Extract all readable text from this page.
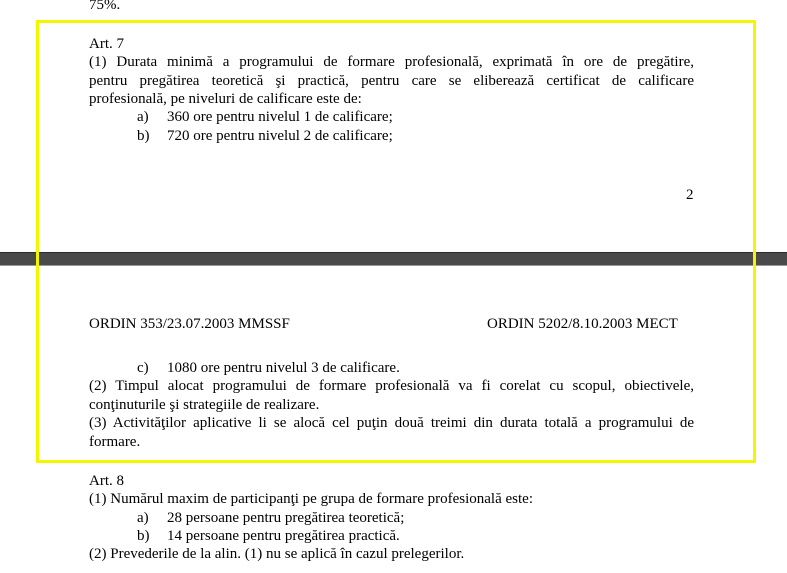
75%.
Art. 7
(1) Durata minimă a programului de formare profesională, exprimată în ore de pregătire,
pentru pregătirea teoretică şi practică, pentru care se eliberează certificat de calificare
profesională, pe niveluri de calificare este de:
a) 360 ore pentru nivelul 1 de calificare;
b) 720 ore pentru nivelul 2 de calificare;
2
ORDIN 353/23.07.2003 MMSSF	ORDIN 5202/8.10.2003 MECT
c) 1080 ore pentru nivelul 3 de calificare.
(2) Timpul alocat programului de formare profesională va fi corelat cu scopul, obiectivele,
conţinuturile şi strategiile de realizare.
(3) Activităţilor aplicative li se alocă cel puţin două treimi din durata totală a programului de
formare.
Art. 8
(1) Numărul maxim de participanţi pe grupa de formare profesională este:
a) 28 persoane pentru pregătirea teoretică;
b) 14 persoane pentru pregătirea practică.
(2) Prevederile de la alin. (1) nu se aplică în cazul prelegerilor.
